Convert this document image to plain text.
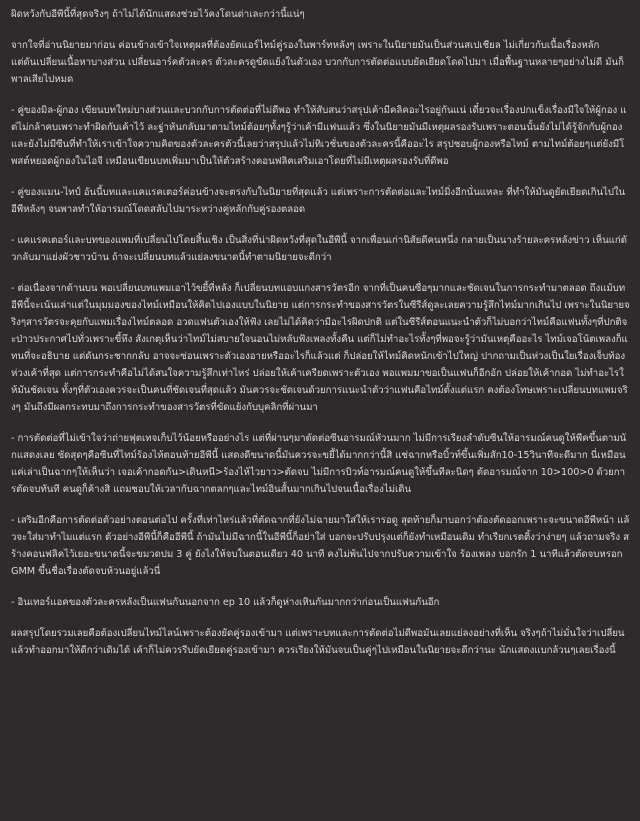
ผิดหวังกับอีพีนี้ที่สุดจริงๆ ถ้าไม่ได้นักแสดงช่วยไว้คงโดนด่าเละกว่านี้แน่ๆ

จากใจที่อ่านนิยายมาก่อน ค่อนข้างเข้าใจเหตุผลที่ต้องยัดแอร์ไทม์คู่รองในพาร์ทหลังๆ เพราะในนิยายมันเป็นส่วนสเปเชียล ไม่เกี่ยวกับเนื้อเรื่องหลัก
แต่ดันเปลี่ยนเนื้อหาบางส่วน เปลี่ยนอาร์คตัวละคร ตัวละครดูขัดแย้งในตัวเอง บวกกับการตัดต่อแบบยัดเยียดโดดไปมา เมื่อพื้นฐานหลายๆอย่างไม่ดี มันก็พาลเสียไปหมด

- คู่ของมิล-ผู้กอง เขียนบทใหม่บางส่วนและบวกกับการตัดต่อที่ไม่ดีพอ ทำให้สับสนว่าสรุปเค้ามีคลิคอะไรอยู่กันแน่ เดี๋ยวจะเรื่องปกแข็งเรื่องมีใจให้ผู้กอง แต่ไม่กล้าคบเพราะทำผิดกับเค้าไว้ ละฐ่าหันกลับมาตามไทม์ต้อยๆทั้งๆรู้ว่าเค้ามีแฟนแล้ว ซึ่งในนิยายมันมีเหตุผลรองรับเพราะตอนนั้นยังไม่ได้รู้จักกับผู้กอง และยังไม่มีซีนที่ทำให้เราเข้าใจความคิดของตัวละครตัวนี้เลยว่าสรุปแล้วไม่ทิเวชั่นของตัวละครนี้คืออะไร สรุปชอบผู้กองหรือไทม์ ตามไทม์ต้อยๆแต่ยังมีโพสต์หยอดผู้กองในไอจี เหมือนเขียนบทเพิ่มมาเป็นให้ตัวสร้างคอนฟลิคเสริมเอาโดยที่ไม่มีเหตุผลรองรับที่ดีพอ

- คู่ของแมน-ไทป์ อันนี้บทและแคแรคเตอร์ค่อนข้างจะตรงกับในนิยายที่สุดแล้ว แต่เพราะการตัดต่อและไทม์มิ่งอีกนั่นแหละ ที่ทำให้มันดูยัดเยียดเกินไปในอีพีหลังๆ จนพาลทำให้อารมณ์โดดสลับไปมาระหว่างคู่หลักกับคู่รองตลอด

- แคแรคเตอร์และบทของแพมที่เปลี่ยนไปโดยสิ้นเชิง เป็นสิ่งที่น่าผิดหวังที่สุดในอีพีนี้ จากเพื่อนเก่านิสัยดีคนหนึ่ง กลายเป็นนางร้ายละครหลังข่าว เห็นแก่ตัวกลับมาแย่งผัวชาวบ้าน ถ้าจะเปลี่ยนบทแล้วแย่ลงขนาดนี้ทำตามนิยายจะดีกว่า

- ต่อเนื่องจากด้านบน พอเปลี่ยนบทแพมเอาไว้ขยี้ที่หลัง ก็เปลี่ยนบทแอบแกงสารวัตรอีก จากที่เป็นคนซื่อๆมากและชัดเจนในการกระทำมาตลอด ถึงแม้บทอีพีนี้จะเน้นเล่าแต่ในมุมมองของไทม์เหมือนให้คิดไปเองแบบในนิยาย แต่การกระทำของสารวัตรในซีรีส์ดูละเลยความรู้สึกไทม์มากเกินไป เพราะในนิยายจริงๆสารวัตรจะคุยกับแพมเรื่องไทม์ตลอด อวดแฟนตัวเองให้ฟัง เลยไม่ได้คิดว่ามีอะไรผิดปกติ แต่ในซีรีส์ตอนแนะนำตัวก็ไม่บอกว่าไทม์คือแฟนทั้งๆที่ปกติจะป่าวประกาศไปทั่วเพราะขี้หึง สังเกตุเห็นว่าไทม์ไม่สบายใจนอนไม่หลับฟังเพลงทั้งคืน แต่ก็ไม่ทำอะไรทั้งๆที่พอจะรู้ว่ามันเหตุคืออะไร ไทม์เจอโน้ตเพลงก็แทนที่จะอธิบาย แต่ดันกระชากกลับ อาจจะซ่อนเพราะตัวเองอายหรืออะไรก็แล้วแต่ ก็ปล่อยให้ไทม์คิดหนักเข้าไปใหญ่ ปากถามเป็นห่วงเป็นใยเรื่องเจ็บท้อง ห่วงเค้าที่สุด แต่การกระทำคือไม่ได้สนใจความรู้สึกเท่าไหร่ ปล่อยให้เค้าเครียดเพราะตัวเอง พอแพมมาขอเป็นแฟนก็อีกอัก ปล่อยให้เค้ากอด ไม่ทำอะไรให้มันชัดเจน ทั้งๆที่ตัวเองควรจะเป็นคนที่ชัดเจนที่สุดแล้ว มันควรจะชัดเจนด้วยการแนะนำตัวว่าแฟนคือไทม์ตั้งแต่แรก คงต้องโทษเพราะเปลี่ยนบทแพมจริงๆ มันถึงมีผลกระทบมาถึงการกระทำของสารวัตรที่ขัดแย้งกับบุคลิกที่ผ่านมา

- การตัดต่อที่ไม่เข้าใจว่าถ่ายฟุตเทจเก็บไว้น้อยหรืออย่างไร แต่ที่ผ่านๆมาตัดต่อซีนอารมณ์หัวนมาก ไม่มีการเรียงลำดับซีนให้อารมณ์คนดูให้พีคขึ้นตามนักแสดงเลย ซัดสุดๆคือซีนที่ไทม์ร้องไห้ตอนท้ายอีพีนี้ แสดงดีขนาดนี้มันควรจะขยี้ได้มากกว่านี้สิ แช่ฉากหรือบิ้วท์ขึ้นเพิ่มสัก10-15วินาทีจะดีมาก นี่เหมือนแค่เล่าเป็นฉากๆให้เห็นว่า เจอเค้ากอดกัน>เดินหนี>ร้องไห้ไวยาว>ตัดจบ ไม่มีการบิวท์อารมณ์คนดูให้ขึ้นทีละนิดๆ ตัดอารมณ์จาก 10>100>0 ด้วยการตัดจบทันที คนดูก็ค้างสิ แถมชอบให้เวลากับฉากตลกๆและไทม์อินสั้นมากเกินไปจนเนื้อเรื่องไม่เดิน

- เสริมอีกคือการตัดต่อตัวอย่างตอนต่อไป ครั้งที่เท่าไหร่แล้วที่ตัดฉากที่ยังไม่ฉายมาใส่ให้เรารอดู สุดท้ายก็มาบอกว่าต้องตัดออกเพราะจะขนาดอีพีหน้า แล้วจะใส่มาทำไมแต่แรก ตัวอย่างอีพีนี้ก็คืออีพีนี้ ถ้ามันไม่มีฉากนี้ในอีพีนี้ก็อย่าใส่ บอกจะปรับปรุงแต่ก็ยังทำเหมือนเดิม ทำเรียกเรตติ้งว่าง่ายๆ แล้วถามจริง สร้างคอนฟลิคไว้เยอะขนาดนี้จะขมวดปม 3 คู่ ยังไงให้จบในตอนเดียว 40 นาที คงไม่พ้นไปจากปรับความเข้าใจ ร้องเพลง บอกรัก 1 นาทีแล้วตัดจบหรอก GMM ขึ้นชื่อเรื่องตัดจบห้วนอยู่แล้วนี่

- อินเทอร์แอคของตัวละครหลังเป็นแฟนกันนอกจาก ep 10 แล้วก็ดูห่างเหินกันมากกว่าก่อนเป็นแฟนกันอีก

ผลสรุปโดยรวมเลยคือต้องเปลี่ยนไทม์ไลน์เพราะต้องยัดคู่รองเข้ามา แต่เพราะบทและการตัดต่อไม่ดีพอมันเลยแย่ลงอย่างที่เห็น จริงๆถ้าไม่มั่นใจว่าเปลี่ยนแล้วทำออกมาให้ดีกว่าเดิมได้ เค้าก็ไม่ควรรีบยัดเยียดคู่รองเข้ามา ควรเรียงให้มันจบเป็นคู่ๆไปเหมือนในนิยายจะดีกว่านะ นักแสดงแบกล้วนๆเลยเรื่องนี้
